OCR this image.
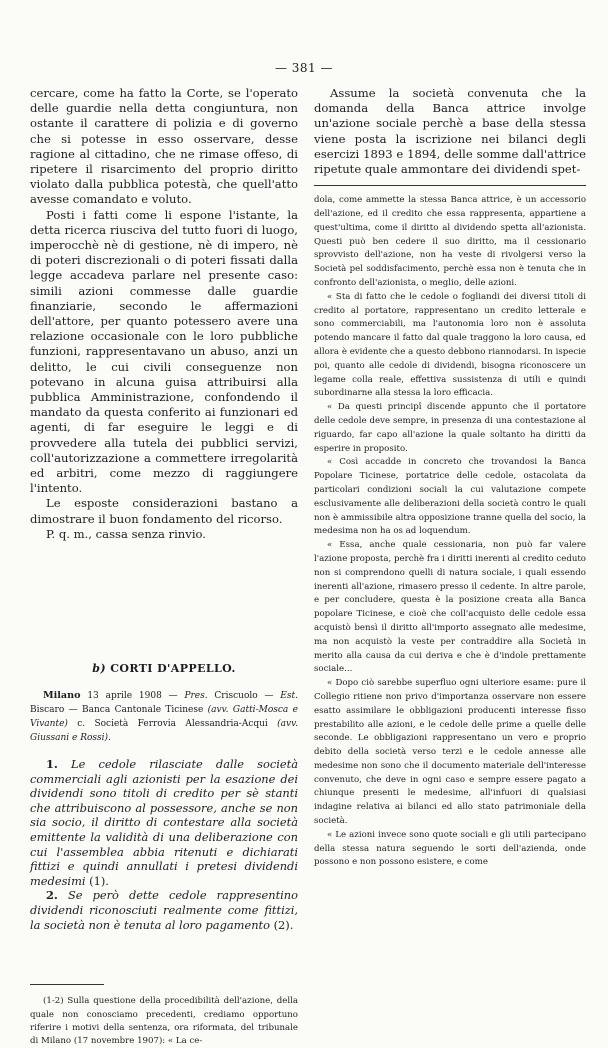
— 381 —

cercare, come ha fatto la Corte, se l'operato delle guardie nella detta congiuntura, non ostante il carattere di polizia e di governo che si potesse in esso osservare, desse ragione al cittadino, che ne rimase offeso, di ripetere il risarcimento del proprio diritto violato dalla pubblica potestà, che quell'atto avesse comandato e voluto.

Posti i fatti come li espone l'istante, la detta ricerca riusciva del tutto fuori di luogo, imperocchè nè di gestione, nè di impero, nè di poteri discrezionali o di poteri fissati dalla legge accadeva parlare nel presente caso: simili azioni commesse dalle guardie finanziarie, secondo le affermazioni dell'attore, per quanto potessero avere una relazione occasionale con le loro pubbliche funzioni, rappresentavano un abuso, anzi un delitto, le cui civili conseguenze non potevano in alcuna guisa attribuirsi alla pubblica Amministrazione, confondendo il mandato da questa conferito ai funzionari ed agenti, di far eseguire le leggi e di provvedere alla tutela dei pubblici servizi, coll'autorizzazione a commettere irregolarità ed arbitri, come mezzo di raggiungere l'intento.

Le esposte considerazioni bastano a dimostrare il buon fondamento del ricorso.

P. q. m., cassa senza rinvio.

b) CORTI D'APPELLO.

Milano 13 aprile 1908 — Pres. Criscuolo — Est. Biscaro — Banca Cantonale Ticinese (avv. Gatti-Mosca e Vivante) c. Società Ferrovia Alessandria-Acqui (avv. Giussani e Rossi).

1. Le cedole rilasciate dalle società commerciali agli azionisti per la esazione dei dividendi sono titoli di credito per sè stanti che attribuiscono al possessore, anche se non sia socio, il diritto di contestare alla società emittente la validità di una deliberazione con cui l'assemblea abbia ritenuti e dichiarati fittizi e quindi annullati i pretesi dividendi medesimi (1).

2. Se però dette cedole rappresentino dividendi riconosciuti realmente come fittizi, la società non è tenuta al loro pagamento (2).

(1-2) Sulla questione della procedibilità dell'azione, della quale non conosciamo precedenti, crediamo opportuno riferire i motivi della sentenza, ora riformata, del tribunale di Milano (17 novembre 1907): « La ce-

Assume la società convenuta che la domanda della Banca attrice involge un'azione sociale perchè a base della stessa viene posta la iscrizione nei bilanci degli esercizi 1893 e 1894, delle somme dall'attrice ripetute quale ammontare dei dividendi spet-

dola, come ammette la stessa Banca attrice, è un accessorio dell'azione, ed il credito che essa rappresenta, appartiene a quest'ultima, come il diritto al dividendo spetta all'azionista. Questi può ben cedere il suo diritto, ma il cessionario sprovvisto dell'azione, non ha veste di rivolgersi verso la Società pel soddisfacimento, perchè essa non è tenuta che in confronto dell'azionista, o meglio, delle azioni.

« Sta di fatto che le cedole o fogliandi dei diversi titoli di credito al portatore, rappresentano un credito letterale e sono commerciabili, ma l'autonomia loro non è assoluta potendo mancare il fatto dal quale traggono la loro causa, ed allora è evidente che a questo debbono riannodarsi. In ispecie poi, quanto alle cedole di dividendi, bisogna riconoscere un legame colla reale, effettiva sussistenza di utili e quindi subordinarne alla stessa la loro efficacia.

« Da questi principî discende appunto che il portatore delle cedole deve sempre, in presenza di una contestazione al riguardo, far capo all'azione la quale soltanto ha diritti da esperire in proposito.

« Così accadde in concreto che trovandosi la Banca Popolare Ticinese, portatrice delle cedole, ostacolata da particolari condizioni sociali la cui valutazione compete esclusivamente alle deliberazioni della società contro le quali non è ammissibile altra opposizione tranne quella del socio, la medesima non ha os ad loquendum.

« Essa, anche quale cessionaria, non può far valere l'azione proposta, perchè fra i diritti inerenti al credito ceduto non si comprendono quelli di natura sociale, i quali essendo inerenti all'azione, rimasero presso il cedente. In altre parole, e per concludere, questa è la posizione creata alla Banca popolare Ticinese, e cioè che coll'acquisto delle cedole essa acquistò bensì il diritto all'importo assegnato alle medesime, ma non acquistò la veste per contraddire alla Società in merito alla causa da cui deriva e che è d'indole prettamente sociale...

« Dopo ciò sarebbe superfluo ogni ulteriore esame: pure il Collegio ritiene non privo d'importanza osservare non essere esatto assimilare le obbligazioni producenti interesse fisso prestabilito alle azioni, e le cedole delle prime a quelle delle seconde. Le obbligazioni rappresentano un vero e proprio debito della società verso terzi e le cedole annesse alle medesime non sono che il documento materiale dell'interesse convenuto, che deve in ogni caso e sempre essere pagato a chiunque presenti le medesime, all'infuori di qualsiasi indagine relativa ai bilanci ed allo stato patrimoniale della società.

« Le azioni invece sono quote sociali e gli utili partecipano della stessa natura seguendo le sorti dell'azienda, onde possono e non possono esistere, e come
